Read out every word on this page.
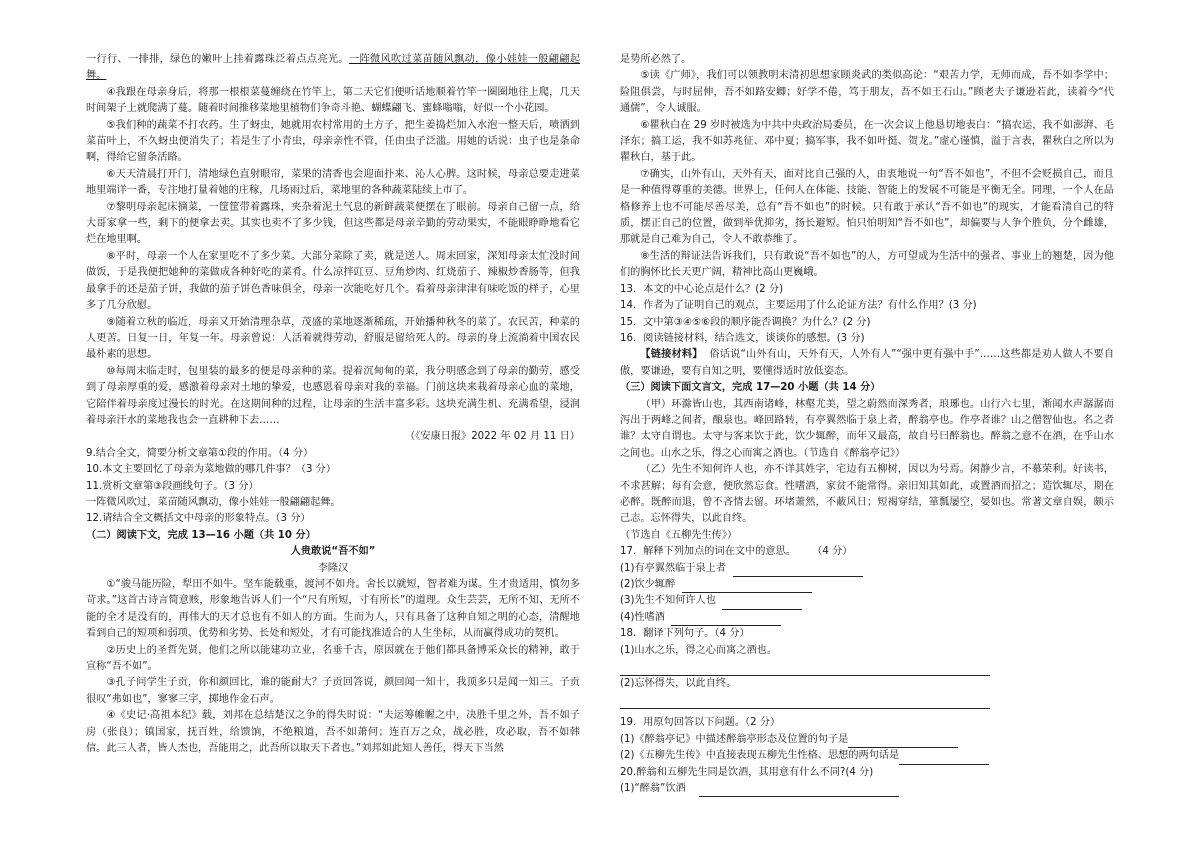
一行行、一排排，绿色的嫩叶上挂着露珠泛着点点亮光。一阵微风吹过菜苗随风飘动，像小娃娃一般翩翩起舞。

④我跟在母亲身后，将那一根根菜蔓缠绕在竹竿上，第二天它们便听话地顺着竹竿一圈圈地往上爬，几天时间架子上就爬满了蔓。随着时间推移菜地里植物们争奇斗艳、蝴蝶翩飞、蜜蜂嗡嗡，好似一个小花园。

⑤我们种的蔬菜不打农药。生了蚜虫，她就用农村常用的土方子，把生姜捣烂加入水泡一整天后，喷洒到菜苗叶上，不久蚜虫便消失了；若是生了小青虫，母亲亲性不管，任由虫子泛滥。用她的话说：虫子也是条命啊，得给它留条活路。

⑥天天清晨打开门，清地绿色直射眼帘，菜果的清香也会迎面扑来、沁人心脾。这时候，母亲总要走进菜地里端详一番，专注地打量着她的庄稼，几场雨过后，菜地里的各种蔬菜陆续上市了。

⑦黎明母亲起床摘菜，一筐筐带着露珠，夹杂着泥土气息的新鲜蔬菜便摆在了眼前。母亲自己留一点，给大哥家拿一些，剩下的便拿去卖。其实也卖不了多少钱，但这些都是母亲辛勤的劳动果实，不能眼睁睁地看它烂在地里啊。

⑧平时，母亲一个人在家里吃不了多少菜。大部分菜除了卖，就是送人。周末回家，深知母亲太忙没时间做饭，于是我便把她种的菜做成各种好吃的菜肴。什么凉拌豇豆、豆角炒肉、红烧茄子、辣椒炒香肠等，但我最拿手的还是茄子饼，我做的茄子饼色香味俱全，母亲一次能吃好几个。看着母亲津津有味吃饭的样子，心里多了几分欣慰。

⑨随着立秋的临近，母亲又开始清理杂草，茂盛的菜地逐渐稀疏，开始播种秋冬的菜了。农民苦，种菜的人更苦。日复一日，年复一年。母亲曾说：人活着就得劳动，舒服是留给死人的。母亲的身上流淌着中国农民最朴素的思想。

⑩每周末临走时，包里装的最多的便是母亲种的菜。提着沉甸甸的菜，我分明感念到了母亲的勤劳，感受到了母亲厚重的爱，感激着母亲对土地的挚爱，也感恩着母亲对我的幸福。门前这块来栽着母亲心血的菜地，它陪伴着母亲度过漫长的时光。在这期间种的过程，让母亲的生活丰富多彩。这块充满生机、充满希望，浸润着母亲汗水的菜地我也会一直耕种下去……

（《安康日报》2022 年 02 月 11 日）

9.结合全文，简要分析文章第①段的作用。（4 分）

10.本文主要回忆了母亲为菜地做的哪几件事？（3 分）

11.赏析文章第③段画线句子。（3 分）

一阵微风吹过，菜苗随风飘动，像小娃娃一般翩翩起舞。

12.请结合全文概括文中母亲的形象特点。（3 分）

（二）阅读下文，完成 13—16 小题（共 10 分）

人贵敢说“吾不如”

李隆汉

①“骏马能历险，犁田不如牛。坚车能载重，渡河不如舟。舍长以就短，智者难为谋。生才贵适用，慎勿多苛求。”这首古诗言简意赅，形象地告诉人们一个“尺有所短，寸有所长”的道理。众生芸芸，无所不知、无所不能的全才是没有的，再伟大的天才总也有不如人的方面。生而为人，只有具备了这种自知之明的心态，清醒地看到自己的短项和弱项、优势和劣势、长处和短处，才有可能找准适合的人生坐标，从而赢得成功的契机。

②历史上的圣哲先贤，他们之所以能建功立业，名垂千古，原因就在于他们都具备博采众长的精神，敢于宣称“吾不如”。

③孔子问学生子贡，你和颜回比，谁的能耐大？子贡回答说，颜回闻一知十，我顶多只是闻一知三。子贡很叹“弗如也”，寥寥三字，掷地作金石声。

④《史记·高祖本纪》载，刘邦在总结楚汉之争的得失时说：“夫运筹帷幄之中，决胜千里之外，吾不如子房（张良）；镇国家，抚百姓，给馈饷，不绝粮道，吾不如萧何；连百万之众，战必胜，攻必取，吾不如韩信。此三人者，皆人杰也，吾能用之，此吾所以取天下者也。”刘邦如此知人善任，得天下当然

是势所必然了。

⑤读《广师》，我们可以领教明末清初思想家顾炎武的类似高论：“艰苦力学，无师而成，吾不如李学中；险阻俱尝，与时屈伸，吾不如路安卿；好学不倦，笃于朋友，吾不如王石山。”顾老夫子谦逊若此，读着今“代通儒”，令人诚服。

⑥瞿秋白在 29 岁时被选为中共中央政治局委员，在一次会议上他恳切地表白：“搞农运，我不如澎湃、毛泽东；搞工运，我不如苏兆征、邓中夏；搞军事，我不如叶挺、贺龙。”虚心谨慎，溢于言表，瞿秋白之所以为瞿秋白，基于此。

⑦确实，山外有山，天外有天，面对比自己强的人，由衷地说一句“吾不如也”，不但不会贬损自己，而且是一种值得尊重的美德。世界上，任何人在体能、技能、智能上的发展不可能是平衡无全。同理，一个人在品格修养上也不可能尽善尽美，总有“吾不如也”的时候。只有敢于承认“吾不如也”的现实，才能看清自己的特质，摆正自己的位置，做到举优抑劣，扬长避短。怕只怕明知“吾不如也”，却偏要与人争个胜负，分个雌雄，那就是自己难为自己，令人不敢恭维了。

⑧生活的辩证法告诉我们，只有敢说“吾不如也”的人，方可望成为生活中的强者、事业上的翘楚，因为他们的胸怀比长天更广阔，精神比高山更巍峨。

13．本文的中心论点是什么？(2 分)

14．作者为了证明自己的观点，主要运用了什么论证方法？有什么作用？(3 分)

15．文中第③④⑤⑥段的顺序能否调换？为什么？(2 分)

16．阅读链接材料，结合选文，谈谈你的感想。(3 分)

【链接材料】 俗话说“山外有山，天外有天，人外有人”“强中更有强中手”……这些都是劝人做人不要自傲，要谦逊，要有自知之明，要懂得适时放低姿态。

（三）阅读下面文言文，完成 17—20 小题（共 14 分）

（甲）环滁皆山也，其西南诸峰，林壑尤美，望之蔚然而深秀者，琅琊也。山行六七里，渐闻水声潺潺而泻出于两峰之间者，酿泉也。峰回路转，有亭翼然临于泉上者，醉翁亭也。作亭者谁？山之僧智仙也。名之者谁？太守自谓也。太守与客来饮于此，饮少辄醉，而年又最高，故自号曰醉翁也。醉翁之意不在酒，在乎山水之间也。山水之乐，得之心而寓之酒也。（节选自《醉翁亭记》）

（乙）先生不知何许人也，亦不详其姓字，宅边有五柳树，因以为号焉。闲静少言，不慕荣利。好读书，不求甚解；每有会意，便欣然忘食。性嗜酒，家贫不能常得。亲旧知其如此，或置酒而招之；造饮辄尽，期在必醉。既醉而退，曾不吝情去留。环堵萧然，不蔽风日；短褐穿结，箪瓢屡空，晏如也。常著文章自娱，颇示己志。忘怀得失，以此自终。

（节选自《五柳先生传》）

17．解释下列加点的词在文中的意思。 （4 分）

(1)有亭翼然临于泉上者

(2)饮少辄醉

(3)先生不知何许人也

(4)性嗜酒

18．翻译下列句子。（4 分）

(1)山水之乐，得之心而寓之酒也。

(2)忘怀得失，以此自终。

19．用原句回答以下问题。（2 分）

(1)《醉翁亭记》中描述醉翁亭形态及位置的句子是

(2)《五柳先生传》中直接表现五柳先生性格、思想的两句话是

20.醉翁和五柳先生同是饮酒，其用意有什么不同?(4 分)

(1)“醉翁”饮酒
